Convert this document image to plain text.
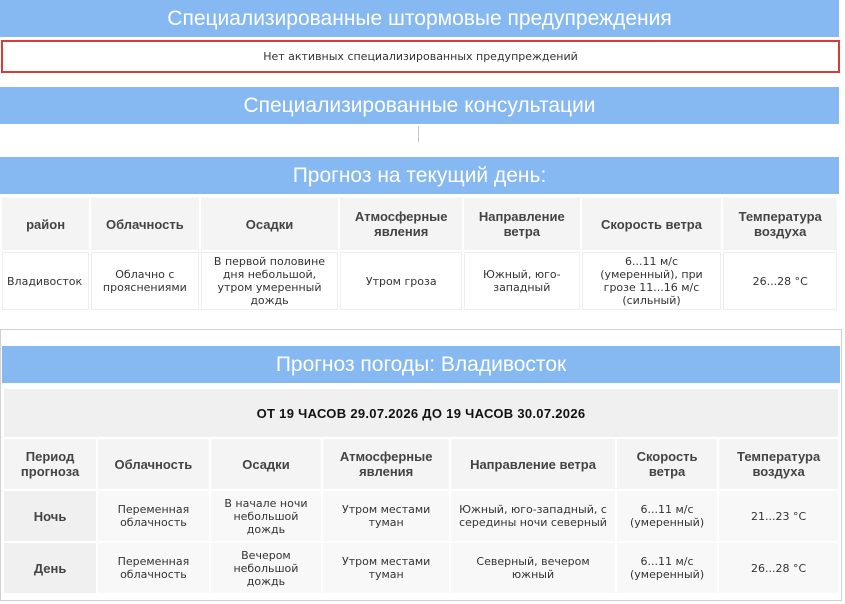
Специализированные штормовые предупреждения
Нет активных специализированных предупреждений
Специализированные консультации
Прогноз на текущий день:
район	Облачность	Осадки	Атмосферные явления	Направление ветра	Скорость ветра	Температура воздуха
Владивосток	Облачно с прояснениями	В первой половине дня небольшой, утром умеренный дождь	Утром гроза	Южный, юго-западный	6...11 м/с (умеренный), при грозе 11...16 м/с (сильный)	26...28 °C
Прогноз погоды: Владивосток
ОТ 19 ЧАСОВ 29.07.2026 ДО 19 ЧАСОВ 30.07.2026						
Период прогноза	Облачность	Осадки	Атмосферные явления	Направление ветра	Скорость ветра	Температура воздуха
Ночь	Переменная облачность	В начале ночи небольшой дождь	Утром местами туман	Южный, юго-западный, с середины ночи северный	6...11 м/с (умеренный)	21...23 °C
День	Переменная облачность	Вечером небольшой дождь	Утром местами туман	Северный, вечером южный	6...11 м/с (умеренный)	26...28 °C
